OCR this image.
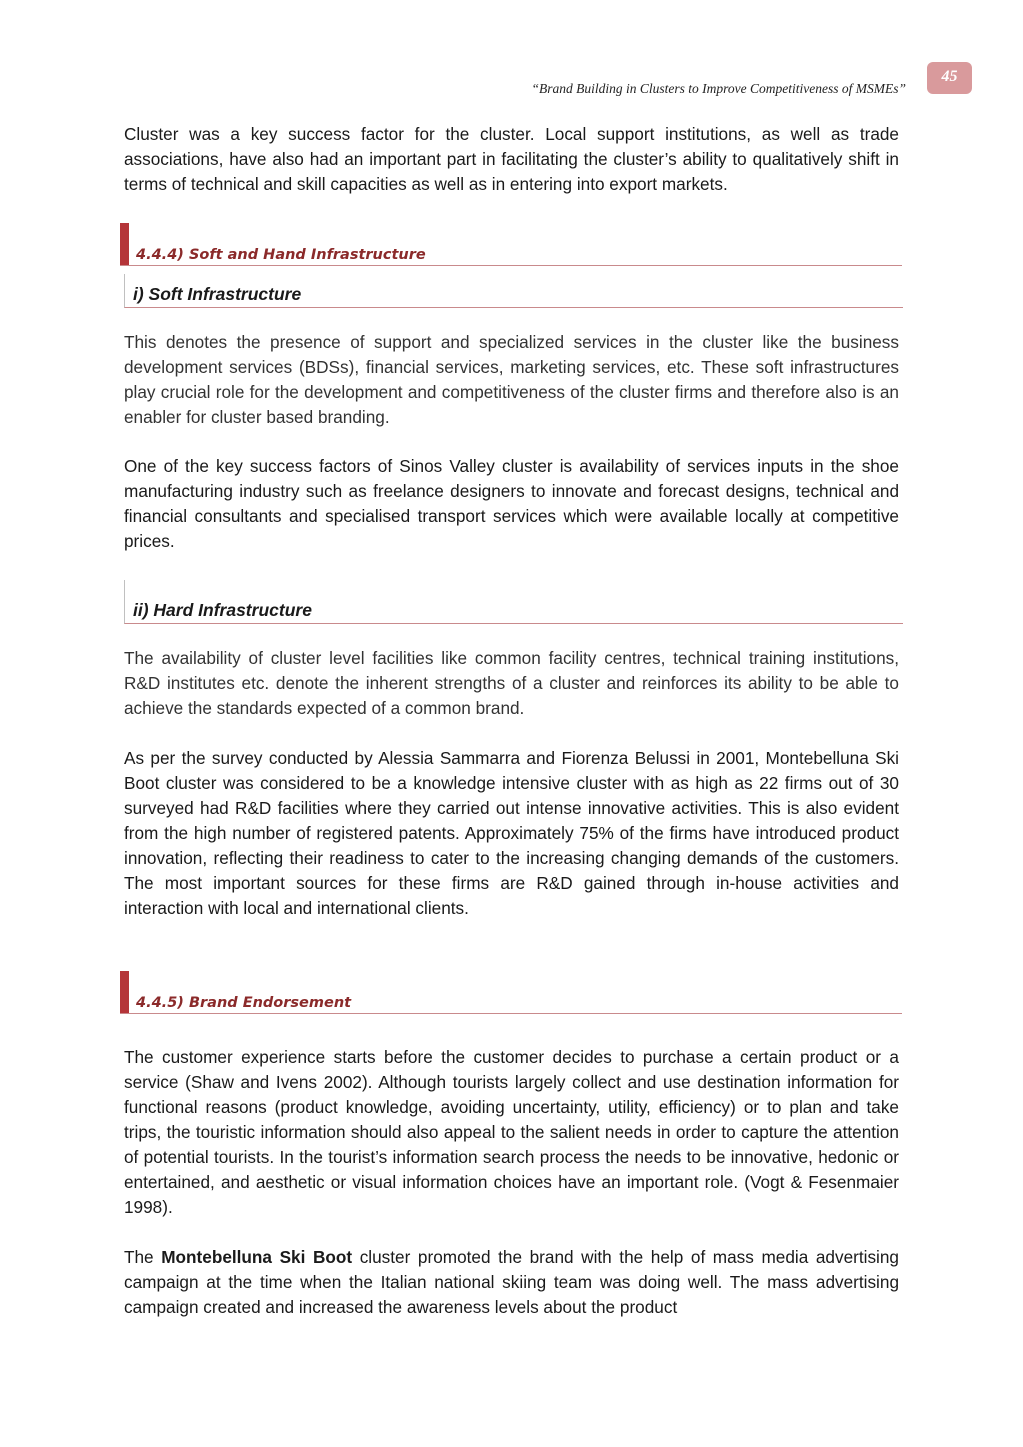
45
“Brand Building in Clusters to Improve Competitiveness of MSMEs”

Cluster was a key success factor for the cluster. Local support institutions, as well as trade associations, have also had an important part in facilitating the cluster’s ability to qualitatively shift in terms of technical and skill capacities as well as in entering into export markets.

4.4.4) Soft and Hand Infrastructure
i) Soft Infrastructure

This denotes the presence of support and specialized services in the cluster like the business development services (BDSs), financial services, marketing services, etc. These soft infrastructures play crucial role for the development and competitiveness of the cluster firms and therefore also is an enabler for cluster based branding.

One of the key success factors of Sinos Valley cluster is availability of services inputs in the shoe manufacturing industry such as freelance designers to innovate and forecast designs, technical and financial consultants and specialised transport services which were available locally at competitive prices.

ii) Hard Infrastructure

The availability of cluster level facilities like common facility centres, technical training institutions, R&D institutes etc. denote the inherent strengths of a cluster and reinforces its ability to be able to achieve the standards expected of a common brand.

As per the survey conducted by Alessia Sammarra and Fiorenza Belussi in 2001, Montebelluna Ski Boot cluster was considered to be a knowledge intensive cluster with as high as 22 firms out of 30 surveyed had R&D facilities where they carried out intense innovative activities. This is also evident from the high number of registered patents. Approximately 75% of the firms have introduced product innovation, reflecting their readiness to cater to the increasing changing demands of the customers. The most important sources for these firms are R&D gained through in-house activities and interaction with local and international clients.

4.4.5) Brand Endorsement

The customer experience starts before the customer decides to purchase a certain product or a service (Shaw and Ivens 2002). Although tourists largely collect and use destination information for functional reasons (product knowledge, avoiding uncertainty, utility, efficiency) or to plan and take trips, the touristic information should also appeal to the salient needs in order to capture the attention of potential tourists. In the tourist’s information search process the needs to be innovative, hedonic or entertained, and aesthetic or visual information choices have an important role. (Vogt & Fesenmaier 1998).

The Montebelluna Ski Boot cluster promoted the brand with the help of mass media advertising campaign at the time when the Italian national skiing team was doing well. The mass advertising campaign created and increased the awareness levels about the product
